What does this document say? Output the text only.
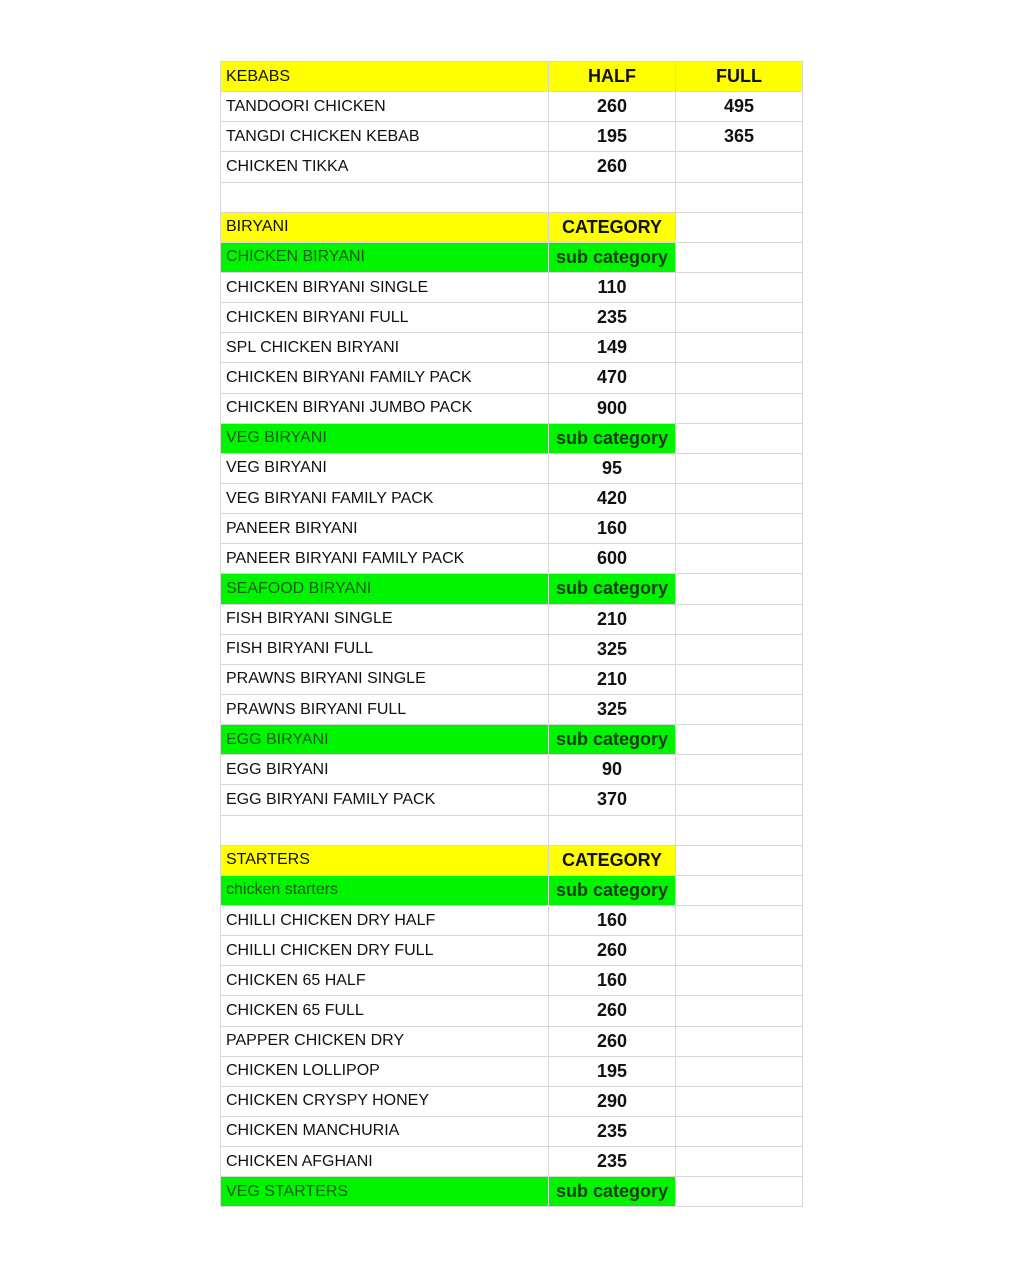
KEBABS	HALF	FULL
TANDOORI CHICKEN	260	495
TANGDI CHICKEN KEBAB	195	365
CHICKEN TIKKA	260	

BIRYANI	CATEGORY	
CHICKEN BIRYANI	sub category	
CHICKEN BIRYANI SINGLE	110	
CHICKEN BIRYANI FULL	235	
SPL CHICKEN BIRYANI	149	
CHICKEN BIRYANI FAMILY PACK	470	
CHICKEN BIRYANI JUMBO PACK	900	
VEG BIRYANI	sub category	
VEG BIRYANI	95	
VEG BIRYANI FAMILY PACK	420	
PANEER BIRYANI	160	
PANEER BIRYANI FAMILY PACK	600	
SEAFOOD BIRYANI	sub category	
FISH BIRYANI SINGLE	210	
FISH BIRYANI FULL	325	
PRAWNS BIRYANI SINGLE	210	
PRAWNS BIRYANI FULL	325	
EGG BIRYANI	sub category	
EGG BIRYANI	90	
EGG BIRYANI FAMILY PACK	370	

STARTERS	CATEGORY	
chicken starters	sub category	
CHILLI CHICKEN DRY HALF	160	
CHILLI CHICKEN DRY FULL	260	
CHICKEN 65 HALF	160	
CHICKEN 65 FULL	260	
PAPPER CHICKEN DRY	260	
CHICKEN LOLLIPOP	195	
CHICKEN CRYSPY HONEY	290	
CHICKEN MANCHURIA	235	
CHICKEN AFGHANI	235	
VEG STARTERS	sub category	
